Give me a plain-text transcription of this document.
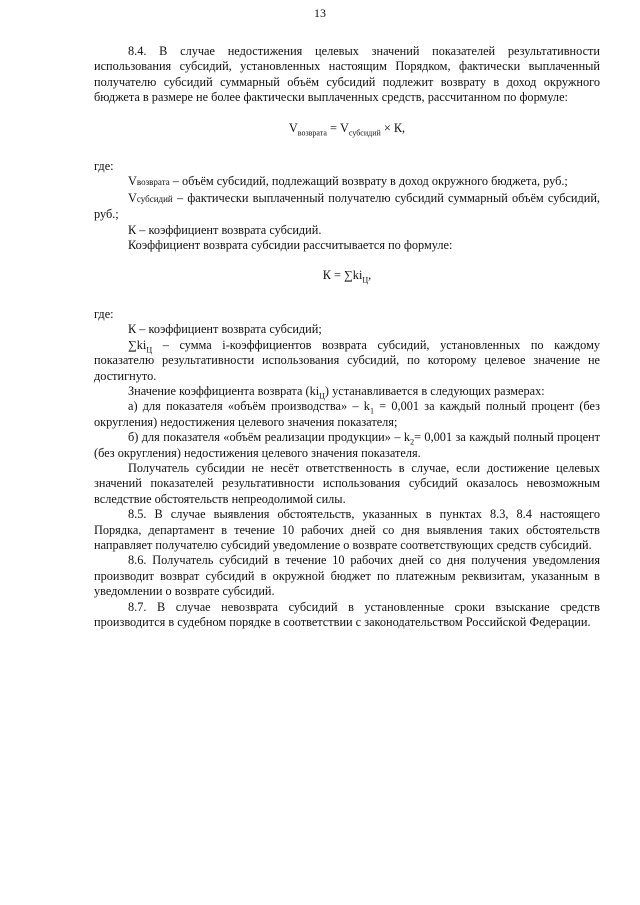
13

8.4. В случае недостижения целевых значений показателей результативности использования субсидий, установленных настоящим Порядком, фактически выплаченный получателю субсидий суммарный объём субсидий подлежит возврату в доход окружного бюджета в размере не более фактически выплаченных средств, рассчитанном по формуле:

$V_{возврата} = V_{субсидий} \times К$,

где:

Vвозврата – объём субсидий, подлежащий возврату в доход окружного бюджета, руб.;

Vсубсидий – фактически выплаченный получателю субсидий суммарный объём субсидий, руб.;

К – коэффициент возврата субсидий.

Коэффициент возврата субсидии рассчитывается по формуле:

$К = \sum ki_Ц$,

где:

К – коэффициент возврата субсидий;

$\sum ki_Ц$ – сумма i-коэффициентов возврата субсидий, установленных по каждому показателю результативности использования субсидий, по которому целевое значение не достигнуто.

Значение коэффициента возврата $(ki_Ц)$ устанавливается в следующих размерах:

а) для показателя «объём производства» – $k_1 = 0,001$ за каждый полный процент (без округления) недостижения целевого значения показателя;

б) для показателя «объём реализации продукции» – $k_2= 0,001$ за каждый полный процент (без округления) недостижения целевого значения показателя.

Получатель субсидии не несёт ответственность в случае, если достижение целевых значений показателей результативности использования субсидий оказалось невозможным вследствие обстоятельств непреодолимой силы.

8.5. В случае выявления обстоятельств, указанных в пунктах 8.3, 8.4 настоящего Порядка, департамент в течение 10 рабочих дней со дня выявления таких обстоятельств направляет получателю субсидий уведомление о возврате соответствующих средств субсидий.

8.6. Получатель субсидий в течение 10 рабочих дней со дня получения уведомления производит возврат субсидий в окружной бюджет по платежным реквизитам, указанным в уведомлении о возврате субсидий.

8.7. В случае невозврата субсидий в установленные сроки взыскание средств производится в судебном порядке в соответствии с законодательством Российской Федерации.
